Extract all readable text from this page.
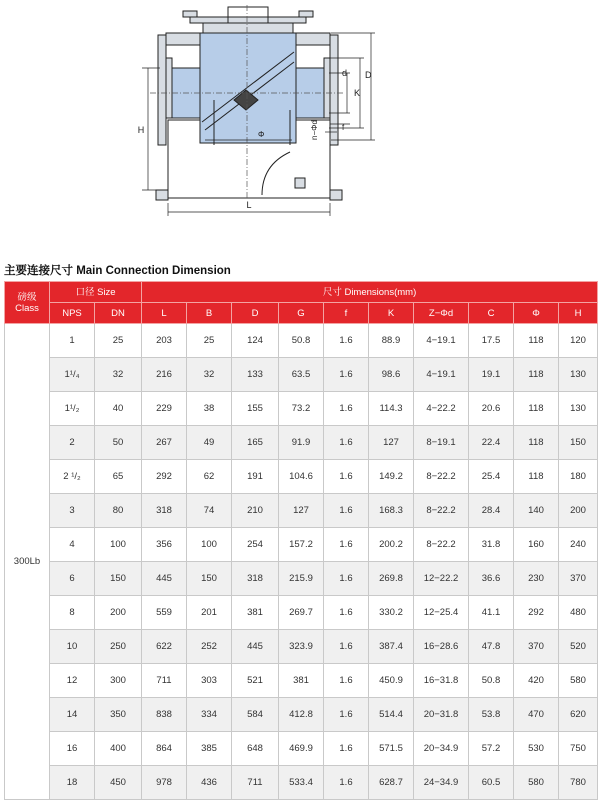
H
L
d
K
D
n−Φd
Φ
f
主要连接尺寸 Main Connection Dimension
磅级
Class	口径 Size		尺寸 Dimensions(mm)									
	NPS	DN	L	B	D	G	f	K	Z−Φd	C	Φ	H
300Lb	1	25	203	25	124	50.8	1.6	88.9	4−19.1	17.5	118	120
	1¹/₄	32	216	32	133	63.5	1.6	98.6	4−19.1	19.1	118	130
	1¹/₂	40	229	38	155	73.2	1.6	114.3	4−22.2	20.6	118	130
	2	50	267	49	165	91.9	1.6	127	8−19.1	22.4	118	150
	2 ¹/₂	65	292	62	191	104.6	1.6	149.2	8−22.2	25.4	118	180
	3	80	318	74	210	127	1.6	168.3	8−22.2	28.4	140	200
	4	100	356	100	254	157.2	1.6	200.2	8−22.2	31.8	160	240
	6	150	445	150	318	215.9	1.6	269.8	12−22.2	36.6	230	370
	8	200	559	201	381	269.7	1.6	330.2	12−25.4	41.1	292	480
	10	250	622	252	445	323.9	1.6	387.4	16−28.6	47.8	370	520
	12	300	711	303	521	381	1.6	450.9	16−31.8	50.8	420	580
	14	350	838	334	584	412.8	1.6	514.4	20−31.8	53.8	470	620
	16	400	864	385	648	469.9	1.6	571.5	20−34.9	57.2	530	750
	18	450	978	436	711	533.4	1.6	628.7	24−34.9	60.5	580	780
